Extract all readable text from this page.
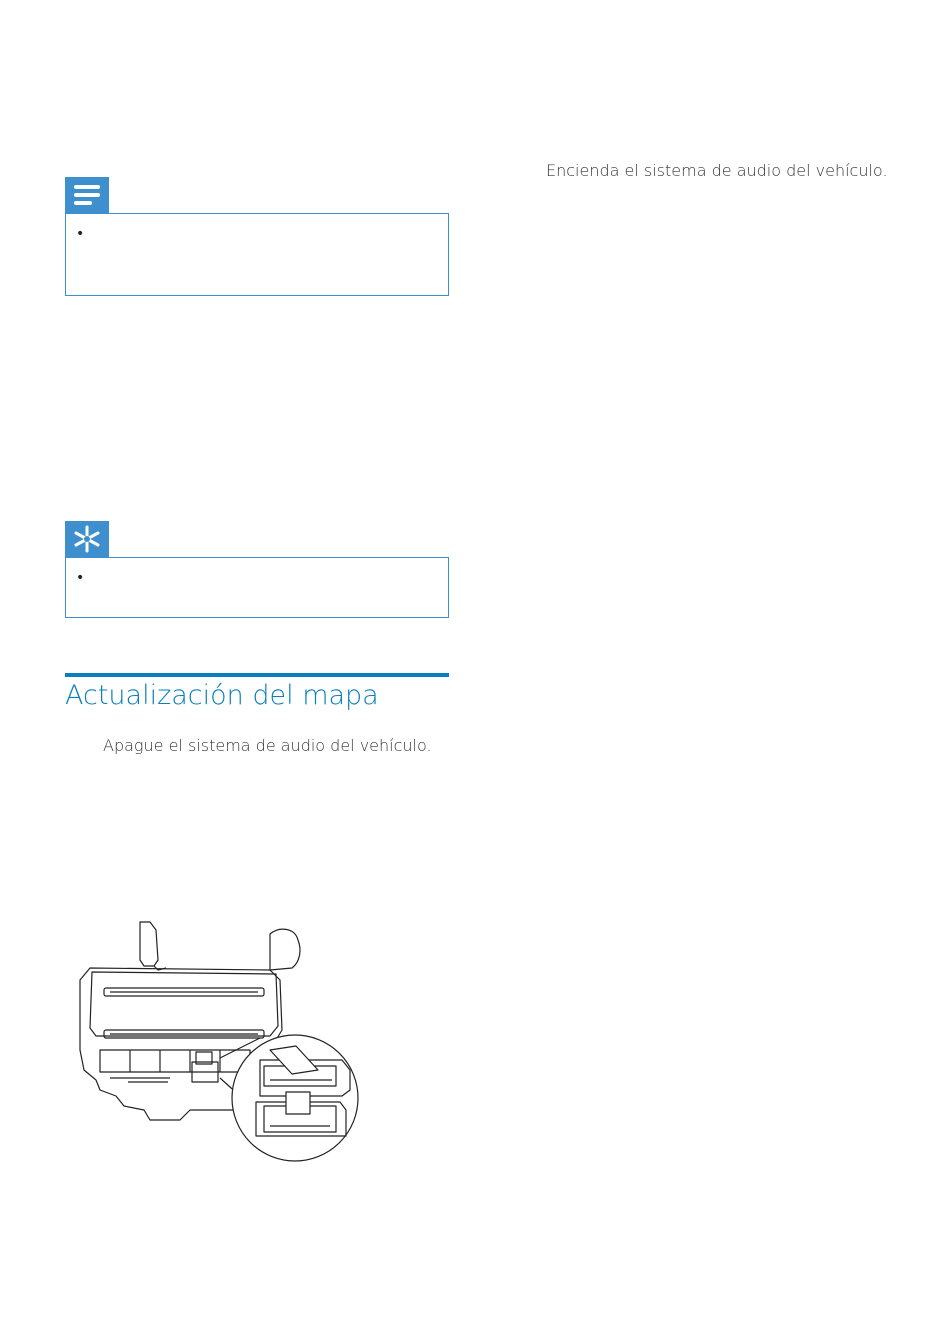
Encienda el sistema de audio del vehículo.
•
•
Actualización del mapa
Apague el sistema de audio del vehículo.
